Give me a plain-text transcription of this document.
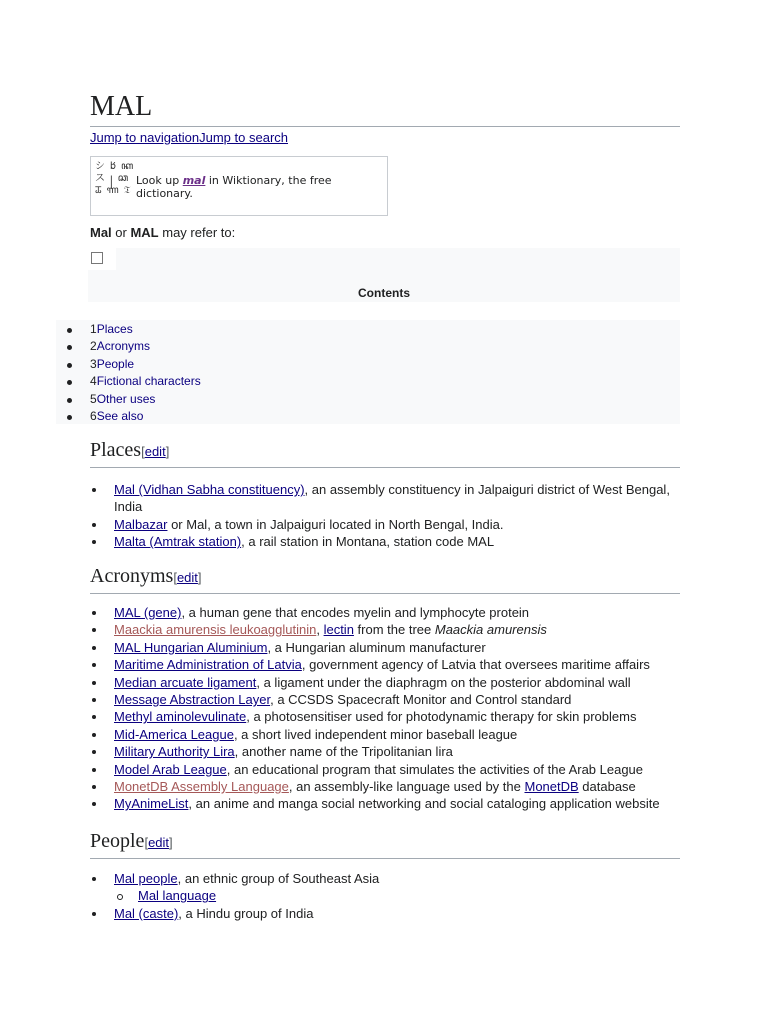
MAL
Jump to navigationJump to search
シ 𐌱 ꦏ
ス ꧊ ꦕ
ꯊ ꦟ 𝔗
Look up mal in Wiktionary, the free dictionary.
Mal or MAL may refer to:
Contents
1Places
2Acronyms
3People
4Fictional characters
5Other uses
6See also
Places[edit]
Mal (Vidhan Sabha constituency), an assembly constituency in Jalpaiguri district of West Bengal, India
Malbazar or Mal, a town in Jalpaiguri located in North Bengal, India.
Malta (Amtrak station), a rail station in Montana, station code MAL
Acronyms[edit]
MAL (gene), a human gene that encodes myelin and lymphocyte protein
Maackia amurensis leukoagglutinin, lectin from the tree Maackia amurensis
MAL Hungarian Aluminium, a Hungarian aluminum manufacturer
Maritime Administration of Latvia, government agency of Latvia that oversees maritime affairs
Median arcuate ligament, a ligament under the diaphragm on the posterior abdominal wall
Message Abstraction Layer, a CCSDS Spacecraft Monitor and Control standard
Methyl aminolevulinate, a photosensitiser used for photodynamic therapy for skin problems
Mid-America League, a short lived independent minor baseball league
Military Authority Lira, another name of the Tripolitanian lira
Model Arab League, an educational program that simulates the activities of the Arab League
MonetDB Assembly Language, an assembly-like language used by the MonetDB database
MyAnimeList, an anime and manga social networking and social cataloging application website
People[edit]
Mal people, an ethnic group of Southeast Asia
Mal language
Mal (caste), a Hindu group of India
